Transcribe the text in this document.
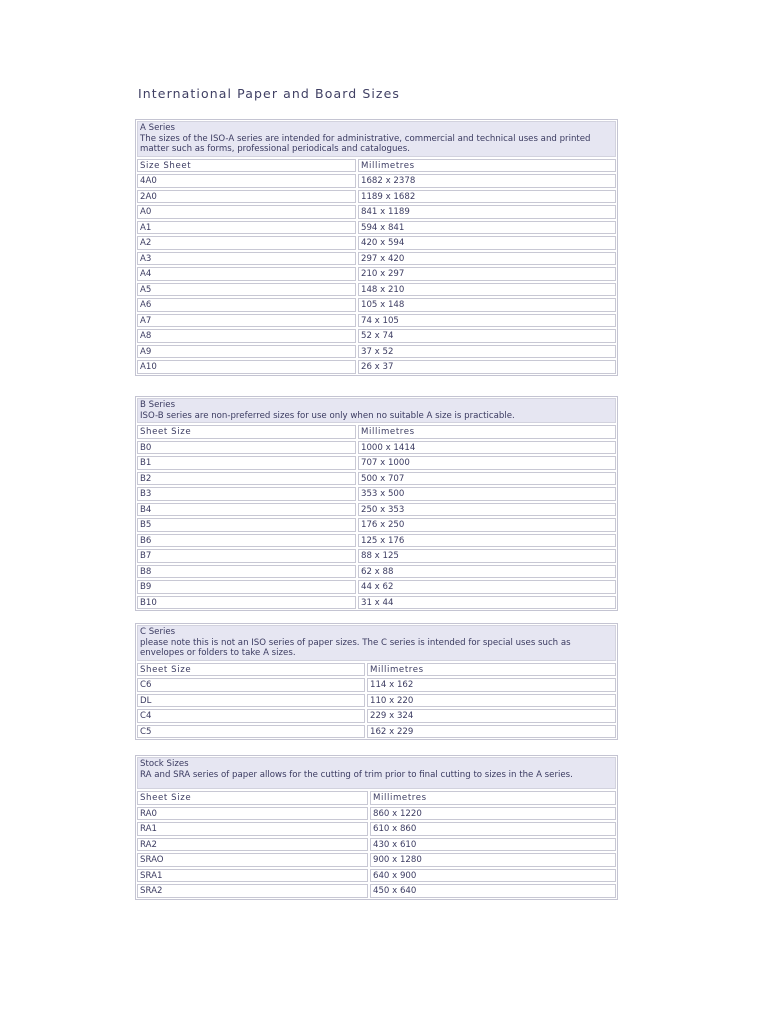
International Paper and Board Sizes
A Series
The sizes of the ISO-A series are intended for administrative, commercial and technical uses and printed matter such as forms, professional periodicals and catalogues.
Size Sheet	Millimetres
4A0	1682 x 2378
2A0	1189 x 1682
A0	841 x 1189
A1	594 x 841
A2	420 x 594
A3	297 x 420
A4	210 x 297
A5	148 x 210
A6	105 x 148
A7	74 x 105
A8	52 x 74
A9	37 x 52
A10	26 x 37
B Series
ISO-B series are non-preferred sizes for use only when no suitable A size is practicable.
Sheet Size	Millimetres
B0	1000 x 1414
B1	707 x 1000
B2	500 x 707
B3	353 x 500
B4	250 x 353
B5	176 x 250
B6	125 x 176
B7	88 x 125
B8	62 x 88
B9	44 x 62
B10	31 x 44
C Series
please note this is not an ISO series of paper sizes. The C series is intended for special uses such as envelopes or folders to take A sizes.
Sheet Size	Millimetres
C6	114 x 162
DL	110 x 220
C4	229 x 324
C5	162 x 229
Stock Sizes
RA and SRA series of paper allows for the cutting of trim prior to final cutting to sizes in the A series.
Sheet Size	Millimetres
RA0	860 x 1220
RA1	610 x 860
RA2	430 x 610
SRAO	900 x 1280
SRA1	640 x 900
SRA2	450 x 640
